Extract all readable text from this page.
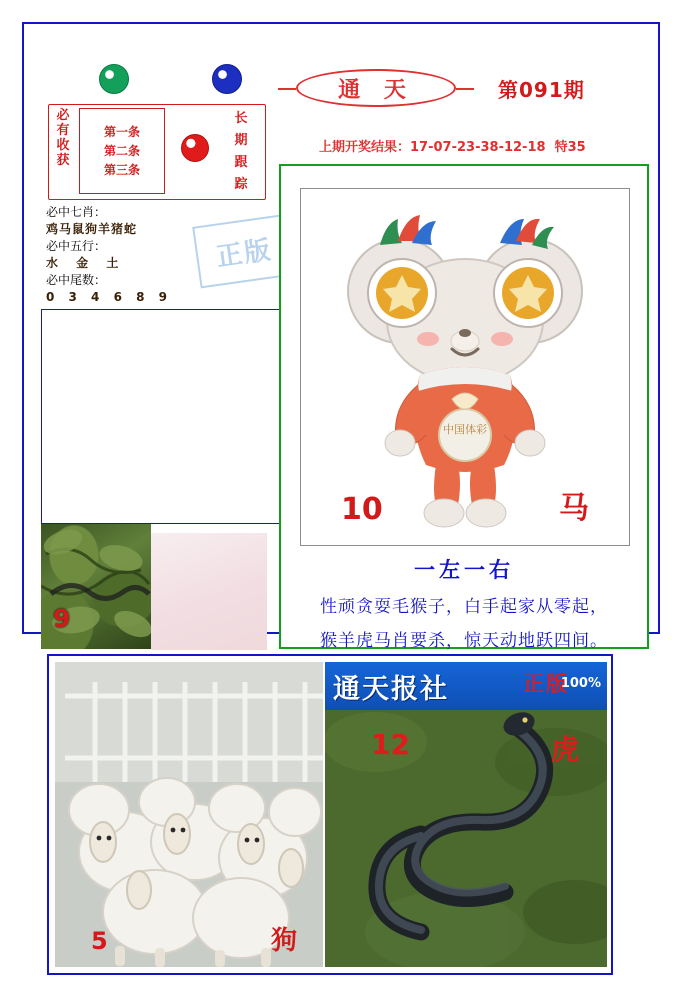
必有收获
第一条
第二条
第三条
长期跟踪
必中七肖：
鸡马鼠狗羊猪蛇
必中五行：
水 金 土
必中尾数：
0 3 4 6 8 9
正版
9
通 天	第091期
上期开奖结果：17-07-23-38-12-18 特35
中国体彩
10	马
一左一右
性顽贪耍毛猴子，白手起家从零起，
猴羊虎马肖要杀，惊天动地跃四间。
5	狗
通天报社	正版
100%
12	虎
